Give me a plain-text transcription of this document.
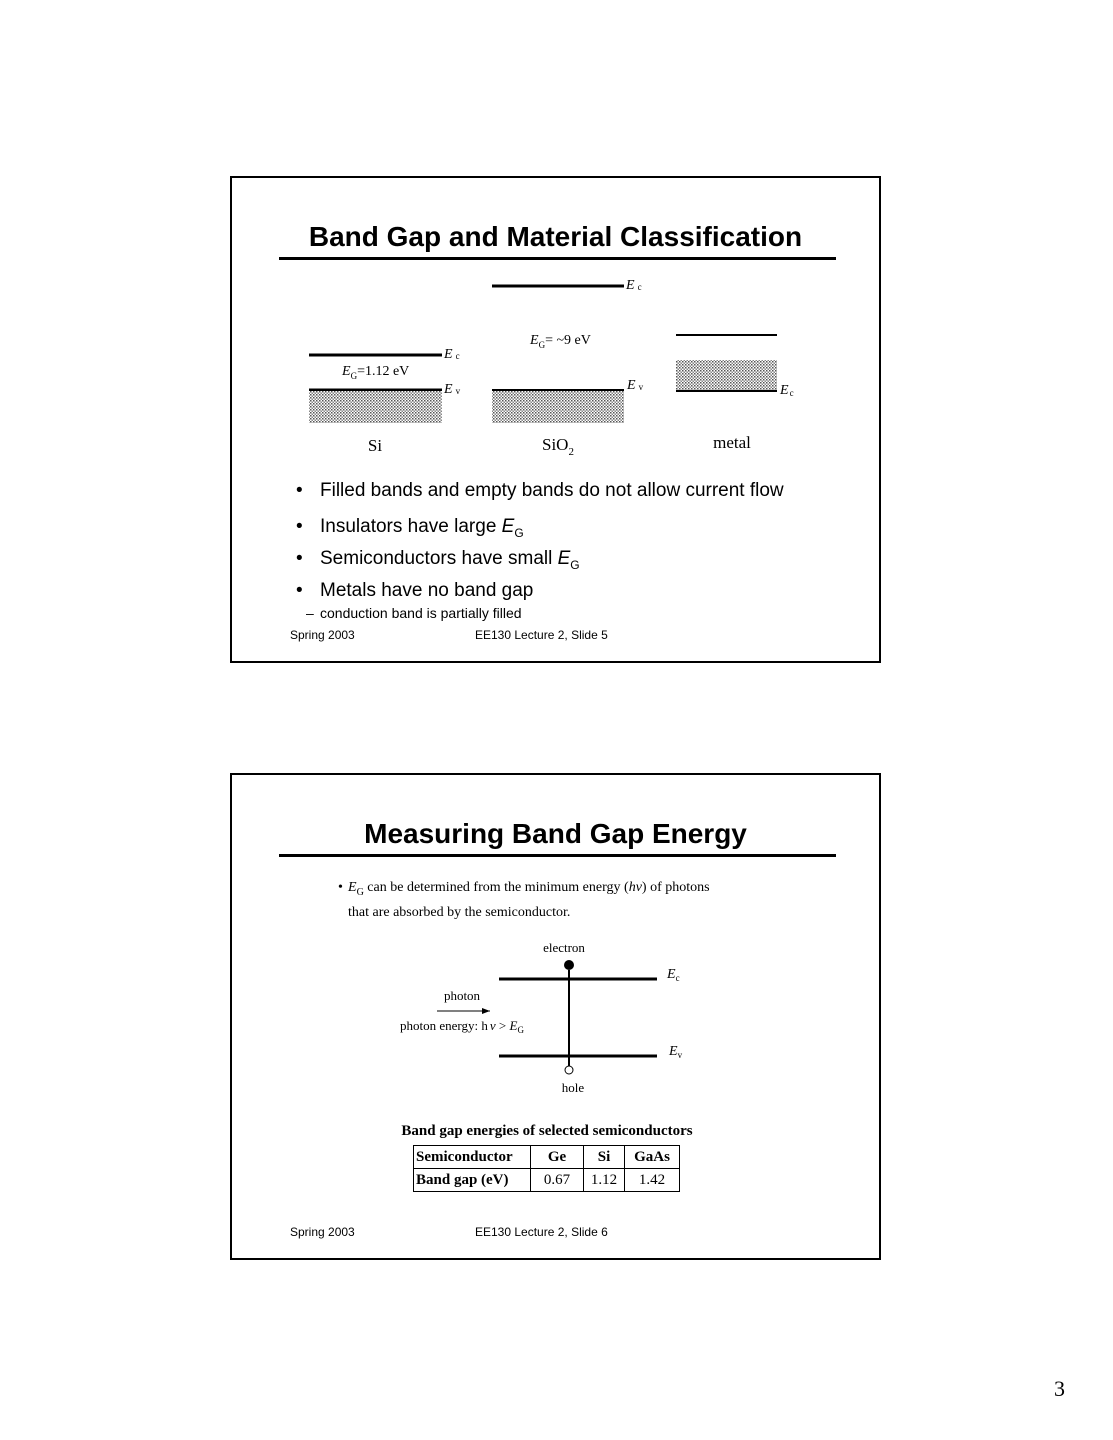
Band Gap and Material Classification
Ec
Ev
$E_G=1.12$ eV
Si
Ec
Ev
$E_G=$ ~9 eV
SiO$_2$
Ec
metal
• Filled bands and empty bands do not allow current flow
• Insulators have large $E_G$
• Semiconductors have small $E_G$
• Metals have no band gap
– conduction band is partially filled
Spring 2003	EE130 Lecture 2, Slide 5
Measuring Band Gap Energy
• $E_G$ can be determined from the minimum energy (hν) of photons
that are absorbed by the semiconductor.
electron
hole
$E_c$
$E_v$
photon
photon energy: h $\nu > E_G$
Band gap energies of selected semiconductors
Semiconductor	Ge	Si	GaAs
Band gap (eV)	0.67	1.12	1.42
Spring 2003	EE130 Lecture 2, Slide 6
3
